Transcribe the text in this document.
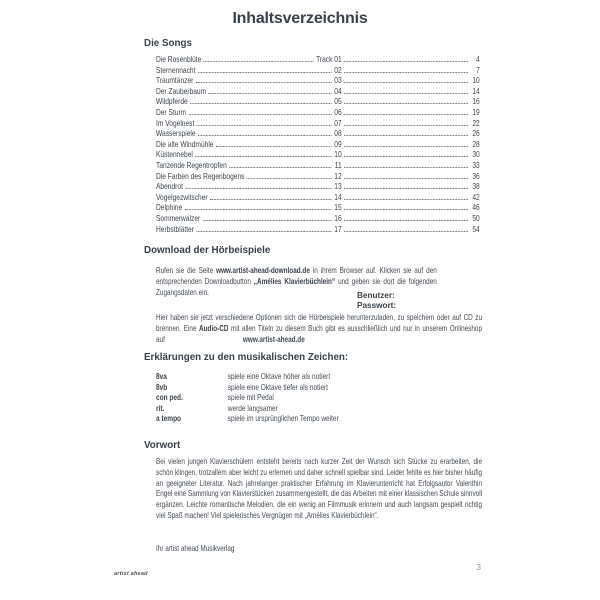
Inhaltsverzeichnis
Die Songs
Die Rosenblüte	Track 01	4
Sternennacht	02	7
Traumtänzer	03	10
Der Zauberbaum	04	14
Wildpferde	05	16
Der Sturm	06	19
Im Vogelnest	07	22
Wasserspiele	08	26
Die alte Windmühle	09	28
Küstennebel	10	30
Tanzende Regentropfen	11	33
Die Farben des Regenbogens	12	36
Abendrot	13	38
Vogelgezwitscher	14	42
Delphine	15	46
Sommerwalzer	16	50
Herbstblätter	17	54
Download der Hörbeispiele
Rufen sie die Seite www.artist-ahead-download.de in ihrem Browser auf. Klicken sie auf den entsprechenden Downloadbutton „Amélies Klavierbüchlein“ und geben sie dort die folgenden Zugangsdaten ein.	Benutzer:
Passwort:
Hier haben sie jetzt verschiedene Optionen sich die Hörbeispiele herunterzuladen, zu speichern oder auf CD zu brennen. Eine Audio-CD mit allen Titeln zu diesem Buch gibt es ausschließlich und nur in unserem Onlineshop auf	www.artist-ahead.de
Erklärungen zu den musikalischen Zeichen:
8va	spiele eine Oktave höher als notiert
8vb	spiele eine Oktave tiefer als notiert
con ped.	spiele mit Pedal
rit.	werde langsamer
a tempo	spiele im ursprünglichen Tempo weiter
Vorwort
Bei vielen jungen Klavierschülern entsteht bereits nach kurzer Zeit der Wunsch sich Stücke zu erarbeiten, die schön klingen, trotzallem aber leicht zu erlernen und daher schnell spielbar sind. Leider fehlte es hier bisher häufig an geeigneter Literatur. Nach jahrelanger praktischer Erfahrung im Klavierunterricht hat Erfolgsautor Valenthin Engel eine Sammlung von Klavierstücken zusammengestellt, die das Arbeiten mit einer klassischen Schule sinnvoll ergänzen. Leichte romantische Melodien, die ein wenig an Filmmusik erinnern und auch langsam gespielt richtig viel Spaß machen! Viel spielerisches Vergnügen mit „Amélies Klavierbüchlein“.
Ihr artist ahead Musikverlag
artist ahead
3
